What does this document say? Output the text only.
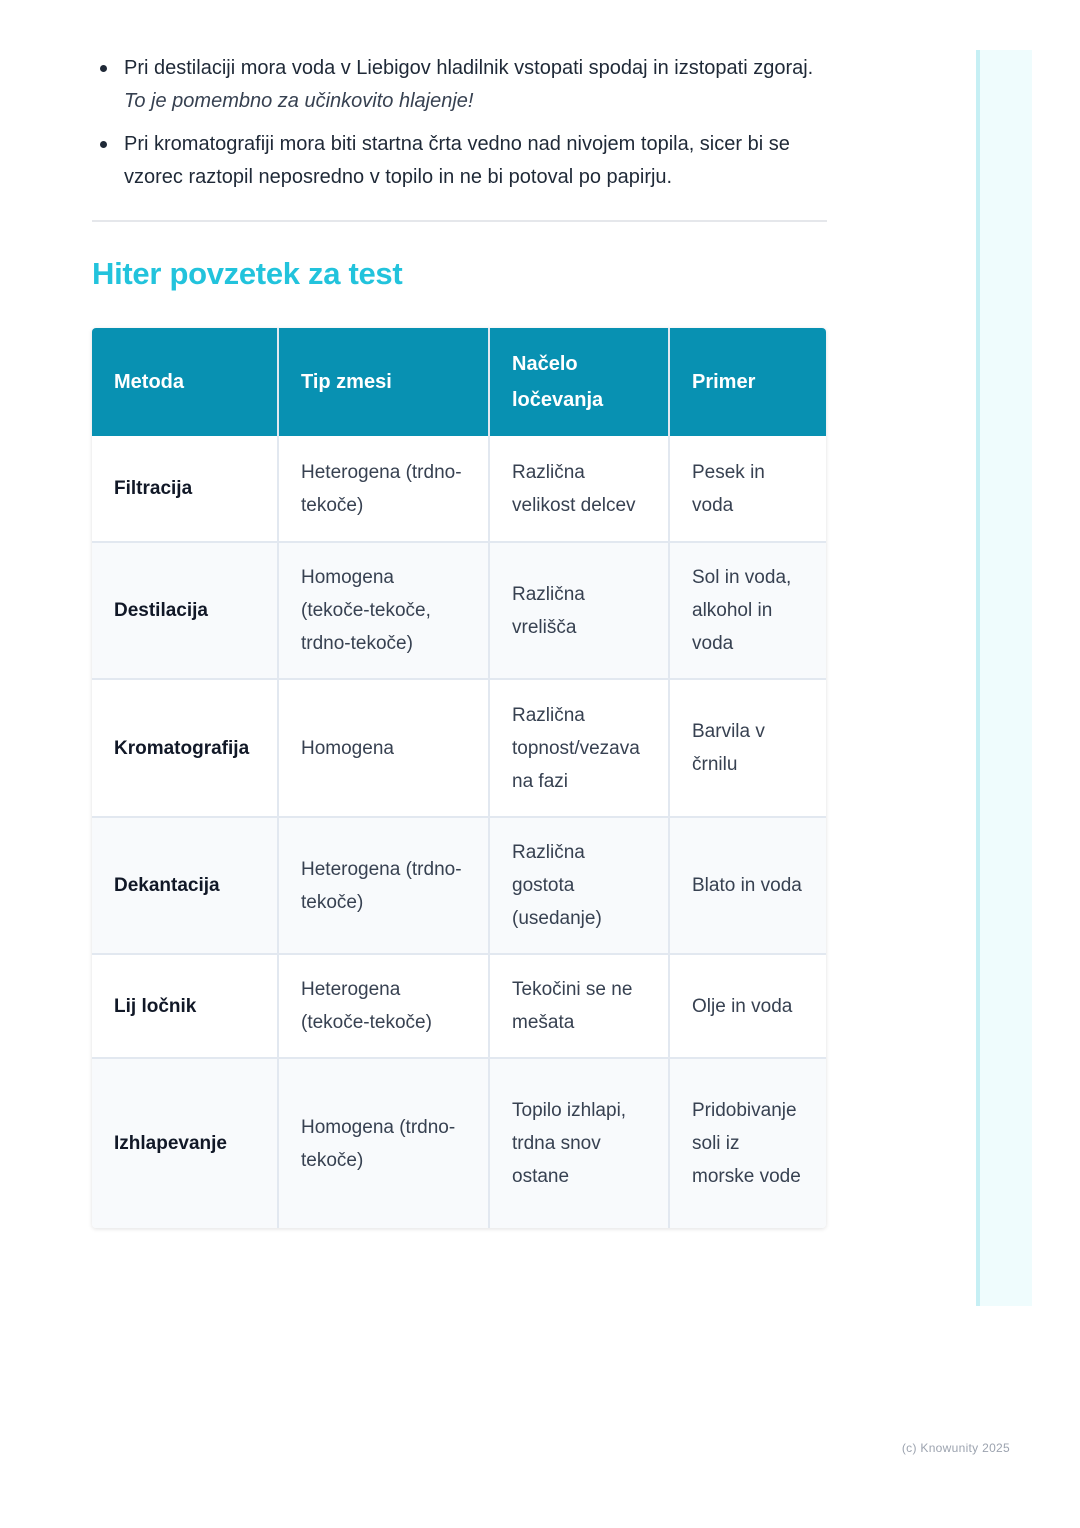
Pri destilaciji mora voda v Liebigov hladilnik vstopati spodaj in izstopati zgoraj. To je pomembno za učinkovito hlajenje!
Pri kromatografiji mora biti startna črta vedno nad nivojem topila, sicer bi se vzorec raztopil neposredno v topilo in ne bi potoval po papirju.
Hiter povzetek za test
Metoda	Tip zmesi	Načelo ločevanja	Primer
Filtracija	Heterogena (trdno-tekoče)	Različna velikost delcev	Pesek in voda
Destilacija	Homogena (tekoče-tekoče, trdno-tekoče)	Različna vrelišča	Sol in voda, alkohol in voda
Kromatografija	Homogena	Različna topnost/vezava na fazi	Barvila v črnilu
Dekantacija	Heterogena (trdno-tekoče)	Različna gostota (usedanje)	Blato in voda
Lij ločnik	Heterogena (tekoče-tekoče)	Tekočini se ne mešata	Olje in voda
Izhlapevanje	Homogena (trdno-tekoče)	Topilo izhlapi, trdna snov ostane	Pridobivanje soli iz morske vode
(c) Knowunity 2025
